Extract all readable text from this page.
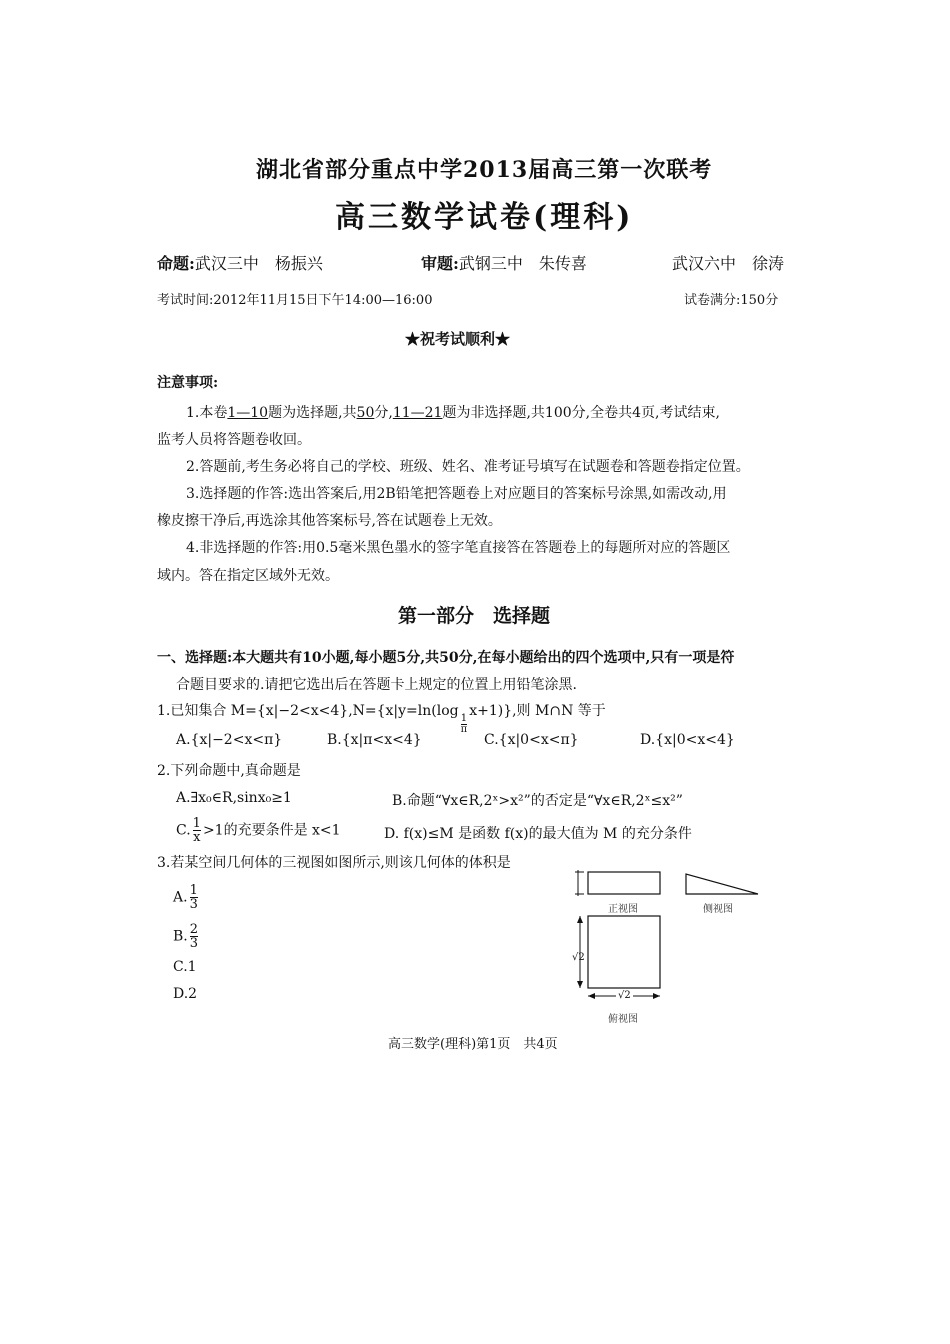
湖北省部分重点中学2013届高三第一次联考
高三数学试卷(理科)
命题:武汉三中　杨振兴	审题:武钢三中　朱传喜	武汉六中　徐涛
考试时间:2012年11月15日下午14:00—16:00	试卷满分:150分
★祝考试顺利★
注意事项:
1.本卷1—10题为选择题,共50分,11—21题为非选择题,共100分,全卷共4页,考试结束,
监考人员将答题卷收回。
2.答题前,考生务必将自己的学校、班级、姓名、准考证号填写在试题卷和答题卷指定位置。
3.选择题的作答:选出答案后,用2B铅笔把答题卷上对应题目的答案标号涂黑,如需改动,用
橡皮擦干净后,再选涂其他答案标号,答在试题卷上无效。
4.非选择题的作答:用0.5毫米黑色墨水的签字笔直接答在答题卷上的每题所对应的答题区
域内。答在指定区域外无效。
第一部分　选择题
一、选择题:本大题共有10小题,每小题5分,共50分,在每小题给出的四个选项中,只有一项是符
合题目要求的.请把它选出后在答题卡上规定的位置上用铅笔涂黑.
1.已知集合 M={x|−2<x<4},N={x|y=ln(log
$\frac{1}{\pi}$
x+1)},则 M∩N 等于
A.{x|−2<x<π}	B.{x|π<x<4}	C.{x|0<x<π}	D.{x|0<x<4}
2.下列命题中,真命题是
A.∃x₀∈R,sinx₀≥1	B.命题“∀x∈R,2ˣ>x²”的否定是“∀x∈R,2ˣ≤x²”
C. $\frac{1}{x} >1$的充要条件是 x<1	D. f(x)≤M 是函数 f(x)的最大值为 M 的充分条件
3.若某空间几何体的三视图如图所示,则该几何体的体积是
A. $\frac{1}{3}$
B. $\frac{2}{3}$
C.1
D.2
正视图	侧视图
√2
√2
俯视图
高三数学(理科)第1页　共4页
